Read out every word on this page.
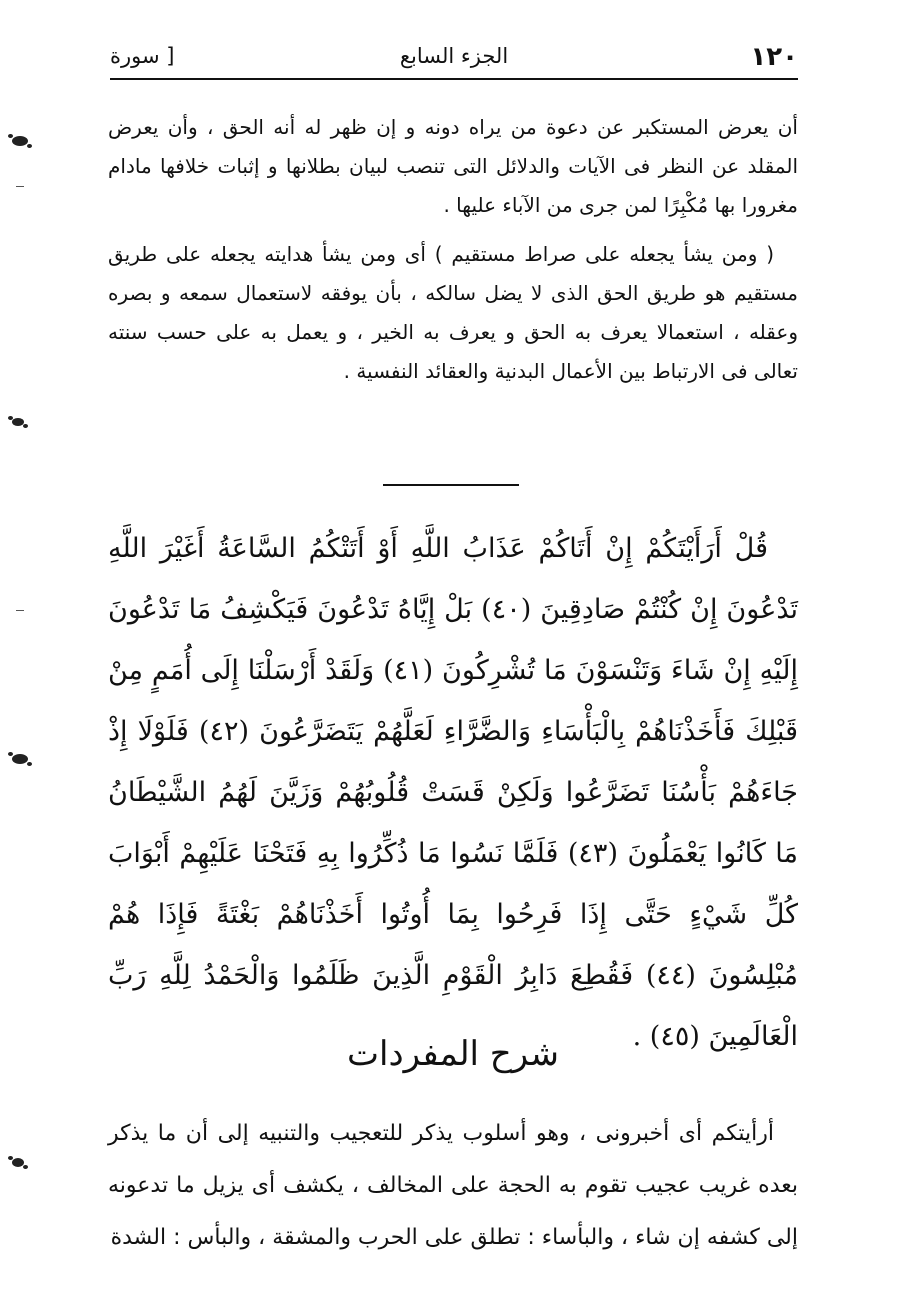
١٢٠
الجزء السابع
[ سورة

أن يعرض المستكبر عن دعوة من يراه دونه و إن ظهر له أنه الحق ، وأن يعرض المقلد عن النظر فى الآيات والدلائل التى تنصب لبيان بطلانها و إثبات خلافها مادام مغرورا بها مُكْبِرًا لمن جرى من الآباء عليها .

( ومن يشأ يجعله على صراط مستقيم ) أى ومن يشأ هدايته يجعله على طريق مستقيم هو طريق الحق الذى لا يضل سالكه ، بأن يوفقه لاستعمال سمعه و بصره وعقله ، استعمالا يعرف به الحق و يعرف به الخير ، و يعمل به على حسب سنته تعالى فى الارتباط بين الأعمال البدنية والعقائد النفسية .

قُلْ أَرَأَيْتَكُمْ إِنْ أَتَاكُمْ عَذَابُ اللَّهِ أَوْ أَتَتْكُمُ السَّاعَةُ أَغَيْرَ اللَّهِ تَدْعُونَ إِنْ كُنْتُمْ صَادِقِينَ (٤٠) بَلْ إِيَّاهُ تَدْعُونَ فَيَكْشِفُ مَا تَدْعُونَ إِلَيْهِ إِنْ شَاءَ وَتَنْسَوْنَ مَا تُشْرِكُونَ (٤١) وَلَقَدْ أَرْسَلْنَا إِلَى أُمَمٍ مِنْ قَبْلِكَ فَأَخَذْنَاهُمْ بِالْبَأْسَاءِ وَالضَّرَّاءِ لَعَلَّهُمْ يَتَضَرَّعُونَ (٤٢) فَلَوْلَا إِذْ جَاءَهُمْ بَأْسُنَا تَضَرَّعُوا وَلَكِنْ قَسَتْ قُلُوبُهُمْ وَزَيَّنَ لَهُمُ الشَّيْطَانُ مَا كَانُوا يَعْمَلُونَ (٤٣) فَلَمَّا نَسُوا مَا ذُكِّرُوا بِهِ فَتَحْنَا عَلَيْهِمْ أَبْوَابَ كُلِّ شَيْءٍ حَتَّى إِذَا فَرِحُوا بِمَا أُوتُوا أَخَذْنَاهُمْ بَغْتَةً فَإِذَا هُمْ مُبْلِسُونَ (٤٤) فَقُطِعَ دَابِرُ الْقَوْمِ الَّذِينَ ظَلَمُوا وَالْحَمْدُ لِلَّهِ رَبِّ الْعَالَمِينَ (٤٥) .

شرح المفردات

أرأيتكم أى أخبرونى ، وهو أسلوب يذكر للتعجيب والتنبيه إلى أن ما يذكر بعده غريب عجيب تقوم به الحجة على المخالف ، يكشف أى يزيل ما تدعونه إلى كشفه إن شاء ، والبأساء : تطلق على الحرب والمشقة ، والبأس : الشدة
